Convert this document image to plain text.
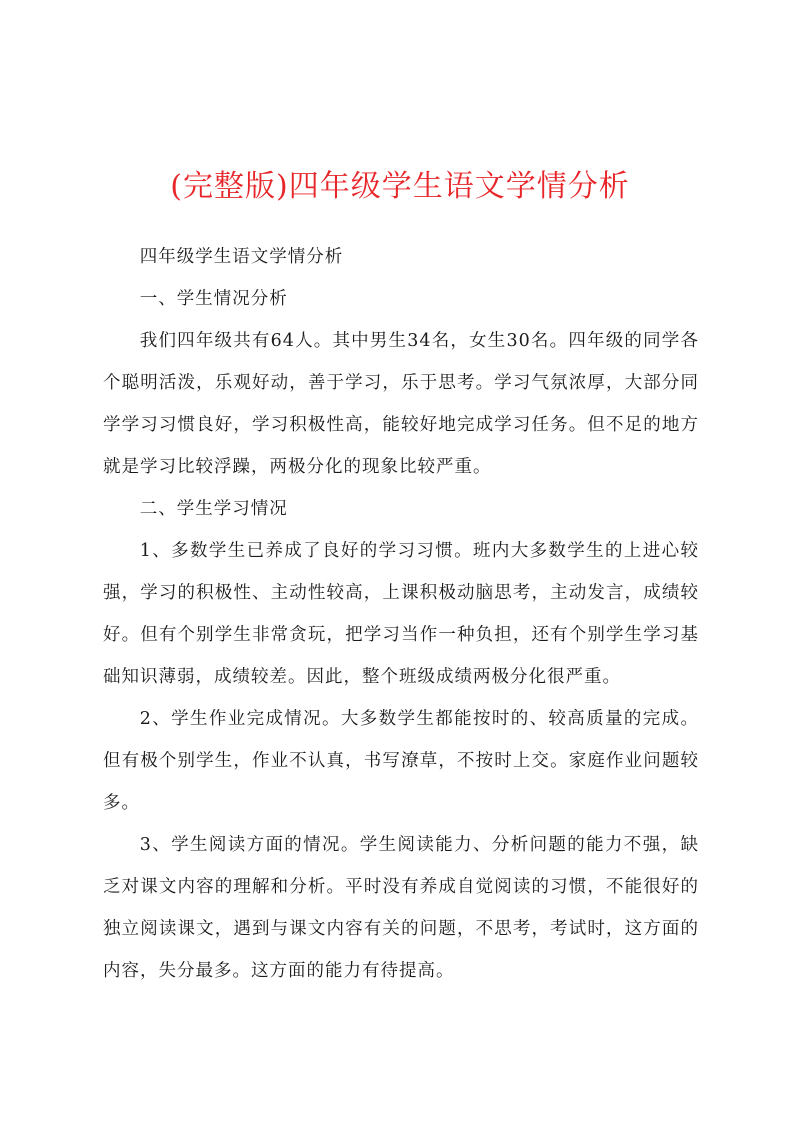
(完整版)四年级学生语文学情分析

四年级学生语文学情分析

一、学生情况分析

我们四年级共有64人。其中男生34名，女生30名。四年级的同学各个聪明活泼，乐观好动，善于学习，乐于思考。学习气氛浓厚，大部分同学学习习惯良好，学习积极性高，能较好地完成学习任务。但不足的地方就是学习比较浮躁，两极分化的现象比较严重。

二、学生学习情况

1、多数学生已养成了良好的学习习惯。班内大多数学生的上进心较强，学习的积极性、主动性较高，上课积极动脑思考，主动发言，成绩较好。但有个别学生非常贪玩，把学习当作一种负担，还有个别学生学习基础知识薄弱，成绩较差。因此，整个班级成绩两极分化很严重。

2、学生作业完成情况。大多数学生都能按时的、较高质量的完成。但有极个别学生，作业不认真，书写潦草，不按时上交。家庭作业问题较多。

3、学生阅读方面的情况。学生阅读能力、分析问题的能力不强，缺乏对课文内容的理解和分析。平时没有养成自觉阅读的习惯，不能很好的独立阅读课文，遇到与课文内容有关的问题，不思考，考试时，这方面的内容，失分最多。这方面的能力有待提高。
